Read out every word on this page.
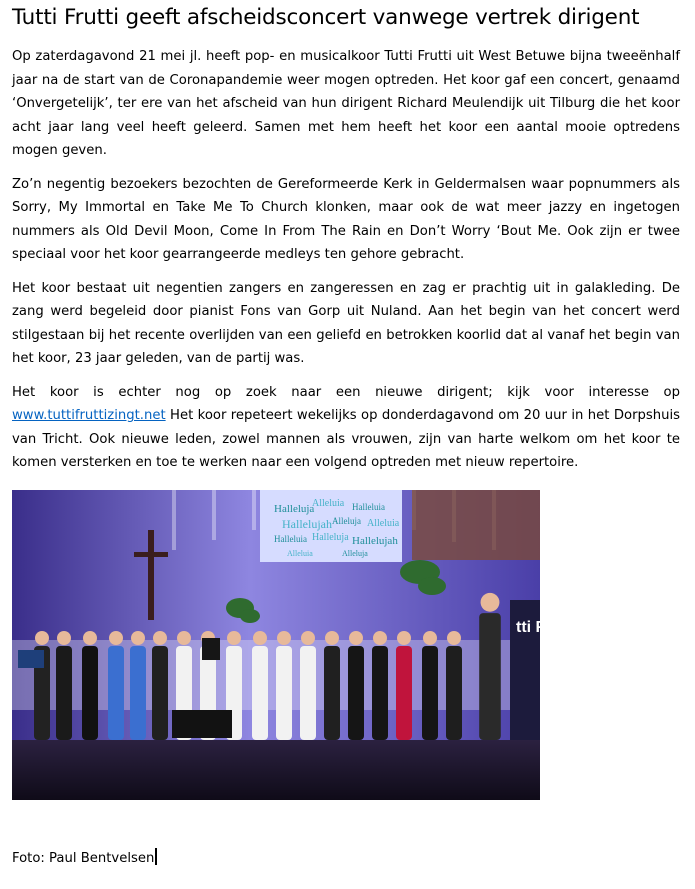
Tutti Frutti geeft afscheidsconcert vanwege vertrek dirigent

Op zaterdagavond 21 mei jl. heeft pop- en musicalkoor Tutti Frutti uit West Betuwe bijna tweeënhalf jaar na de start van de Coronapandemie weer mogen optreden. Het koor gaf een concert, genaamd ‘Onvergetelijk’, ter ere van het afscheid van hun dirigent Richard Meulendijk uit Tilburg die het koor acht jaar lang veel heeft geleerd. Samen met hem heeft het koor een aantal mooie optredens mogen geven.

Zo’n negentig bezoekers bezochten de Gereformeerde Kerk in Geldermalsen waar popnummers als Sorry, My Immortal en Take Me To Church klonken, maar ook de wat meer jazzy en ingetogen nummers als Old Devil Moon, Come In From The Rain en Don’t Worry ‘Bout Me. Ook zijn er twee speciaal voor het koor gearrangeerde medleys ten gehore gebracht.

Het koor bestaat uit negentien zangers en zangeressen en zag er prachtig uit in galakleding. De zang werd begeleid door pianist Fons van Gorp uit Nuland. Aan het begin van het concert werd stilgestaan bij het recente overlijden van een geliefd en betrokken koorlid dat al vanaf het begin van het koor, 23 jaar geleden, van de partij was.

Het koor is echter nog op zoek naar een nieuwe dirigent; kijk voor interesse op www.tuttifruttizingt.net Het koor repeteert wekelijks op donderdagavond om 20 uur in het Dorpshuis van Tricht. Ook nieuwe leden, zowel mannen als vrouwen, zijn van harte welkom om het koor te komen versterken en toe te werken naar een volgend optreden met nieuw repertoire.

Halleluja
Alleluia Halleluia
Hallelujah Alleluja Alleluia
Halleluia Halleluja Hallelujah
Alleluia	Alleluja
tti Fru
Foto: Paul Bentvelsen
